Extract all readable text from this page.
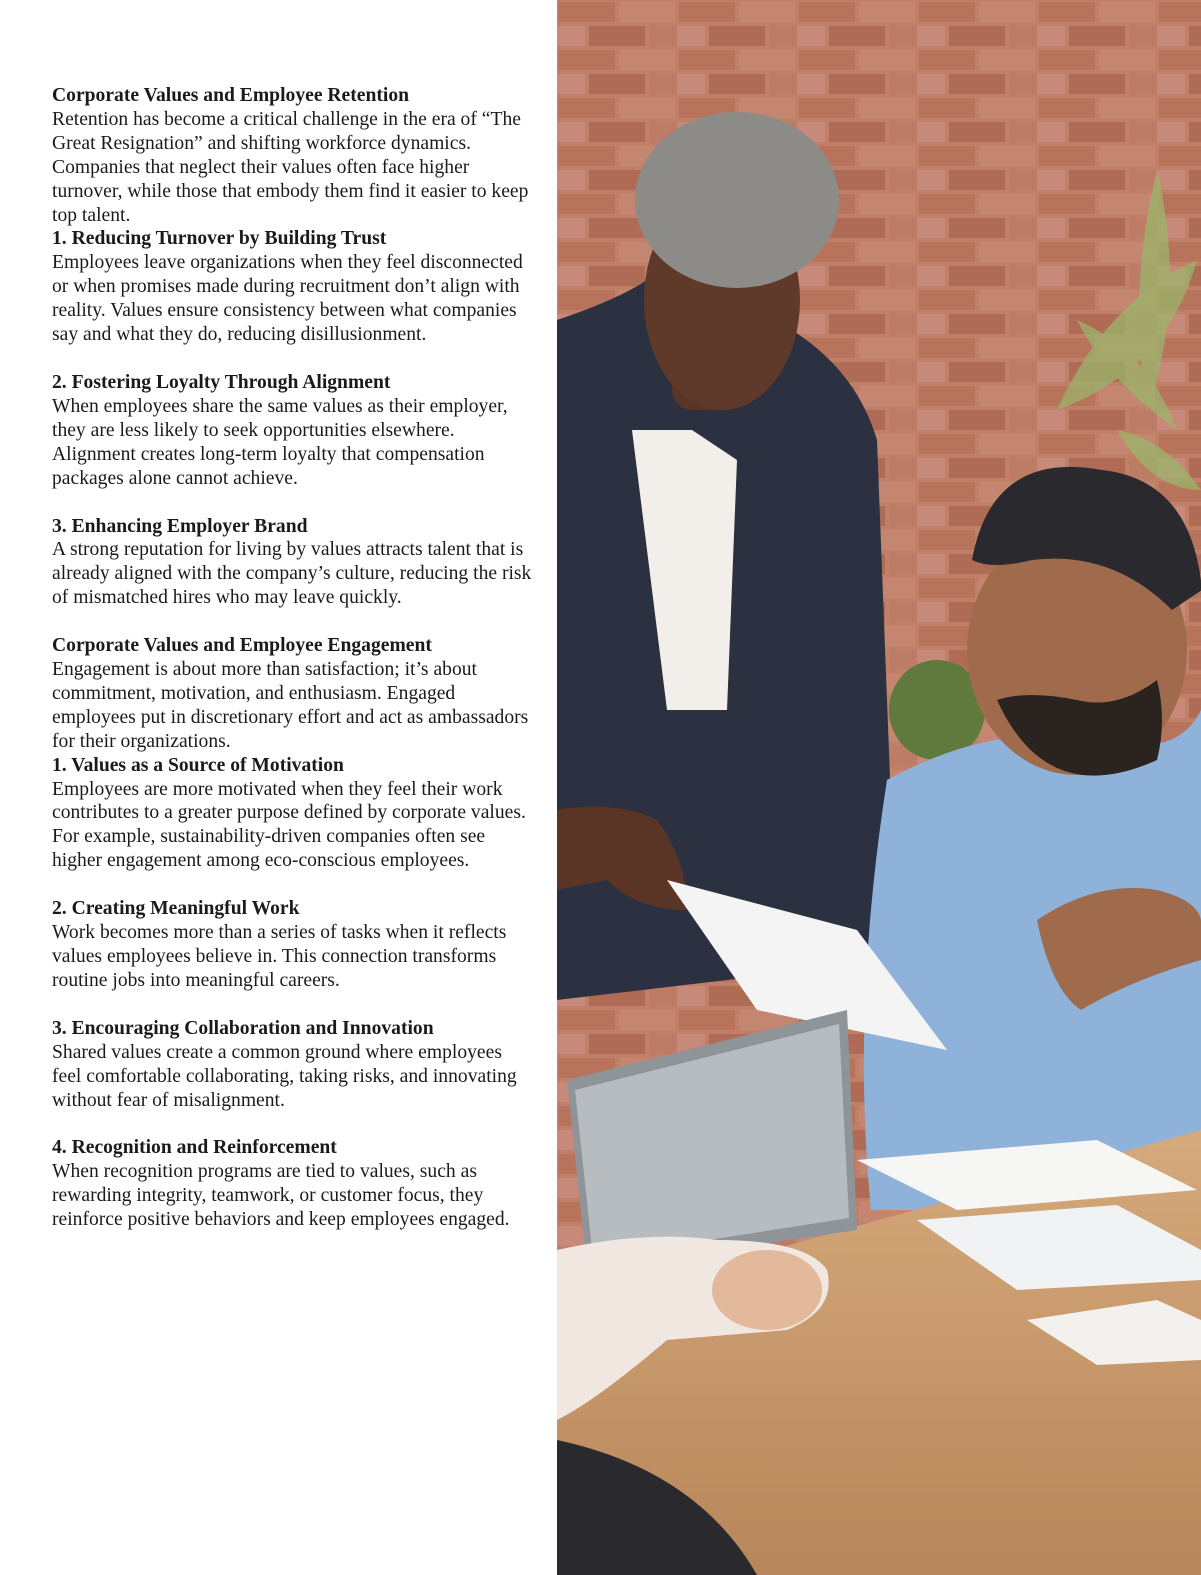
Corporate Values and Employee Retention

Retention has become a critical challenge in the era of “The Great Resignation” and shifting workforce dynamics. Companies that neglect their values often face higher turnover, while those that embody them find it easier to keep top talent.

1. Reducing Turnover by Building Trust

Employees leave organizations when they feel disconnected or when promises made during recruitment don’t align with reality. Values ensure consistency between what companies say and what they do, reducing disillusionment.

2. Fostering Loyalty Through Alignment

When employees share the same values as their employer, they are less likely to seek opportunities elsewhere. Alignment creates long-term loyalty that compensation packages alone cannot achieve.

3. Enhancing Employer Brand

A strong reputation for living by values attracts talent that is already aligned with the company’s culture, reducing the risk of mismatched hires who may leave quickly.

Corporate Values and Employee Engagement

Engagement is about more than satisfaction; it’s about commitment, motivation, and enthusiasm. Engaged employees put in discretionary effort and act as ambassadors for their organizations.

1. Values as a Source of Motivation

Employees are more motivated when they feel their work contributes to a greater purpose defined by corporate values. For example, sustainability-driven companies often see higher engagement among eco-conscious employees.

2. Creating Meaningful Work

Work becomes more than a series of tasks when it reflects values employees believe in. This connection transforms routine jobs into meaningful careers.

3. Encouraging Collaboration and Innovation

Shared values create a common ground where employees feel comfortable collaborating, taking risks, and innovating without fear of misalignment.

4. Recognition and Reinforcement

When recognition programs are tied to values, such as rewarding integrity, teamwork, or customer focus, they reinforce positive behaviors and keep employees engaged.
